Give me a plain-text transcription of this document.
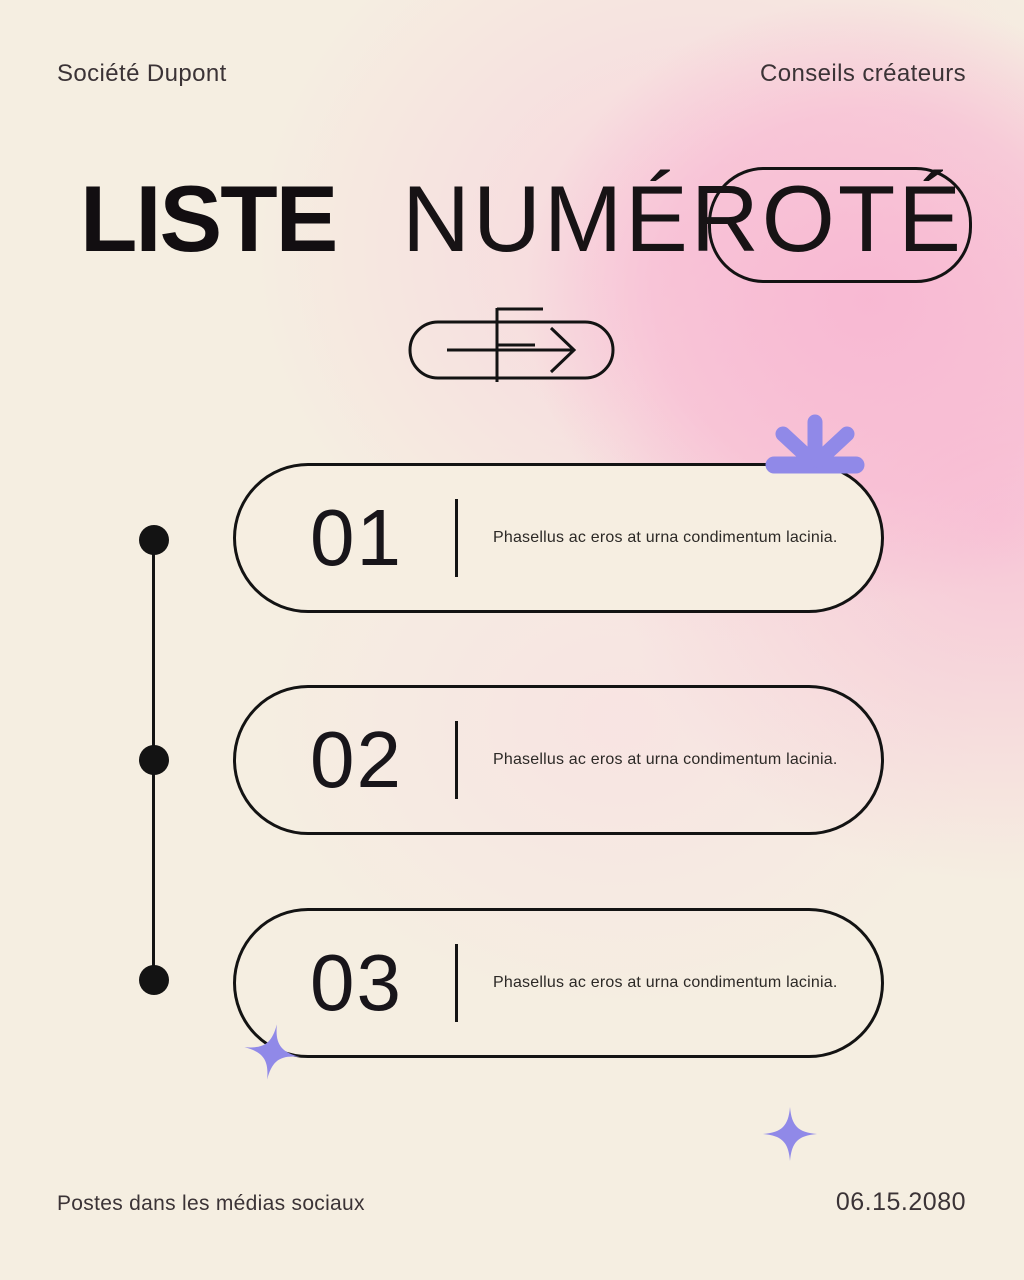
Société Dupont	Conseils créateurs
LISTE NUMÉROTÉ
01	Phasellus ac eros at urna condimentum lacinia.
02	Phasellus ac eros at urna condimentum lacinia.
03	Phasellus ac eros at urna condimentum lacinia.
Postes dans les médias sociaux	06.15.2080
